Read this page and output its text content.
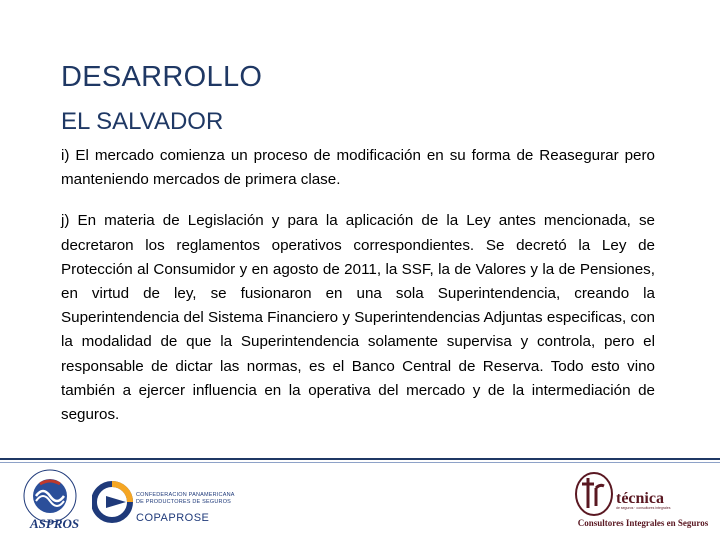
DESARROLLO
EL SALVADOR

i) El mercado comienza un proceso de modificación en su forma de Reasegurar pero manteniendo mercados de primera clase.

j) En materia de Legislación y para la aplicación de la Ley antes mencionada, se decretaron los reglamentos operativos correspondientes. Se decretó la Ley de Protección al Consumidor y en agosto de 2011, la SSF, la de Valores y la de Pensiones, en virtud de ley, se fusionaron en una sola Superintendencia, creando la Superintendencia del Sistema Financiero y Superintendencias Adjuntas especificas, con la modalidad de que la Superintendencia solamente supervisa y controla, pero el responsable de dictar las normas, es el Banco Central de Reserva. Todo esto vino también a ejercer influencia en la operativa del mercado y de la intermediación de seguros.

ASPROS
CONFEDERACION PANAMERICANA DE PRODUCTORES DE SEGUROS
COPAPROSE
técnica
de seguros · consultores integrales
Consultores Integrales en Seguros
